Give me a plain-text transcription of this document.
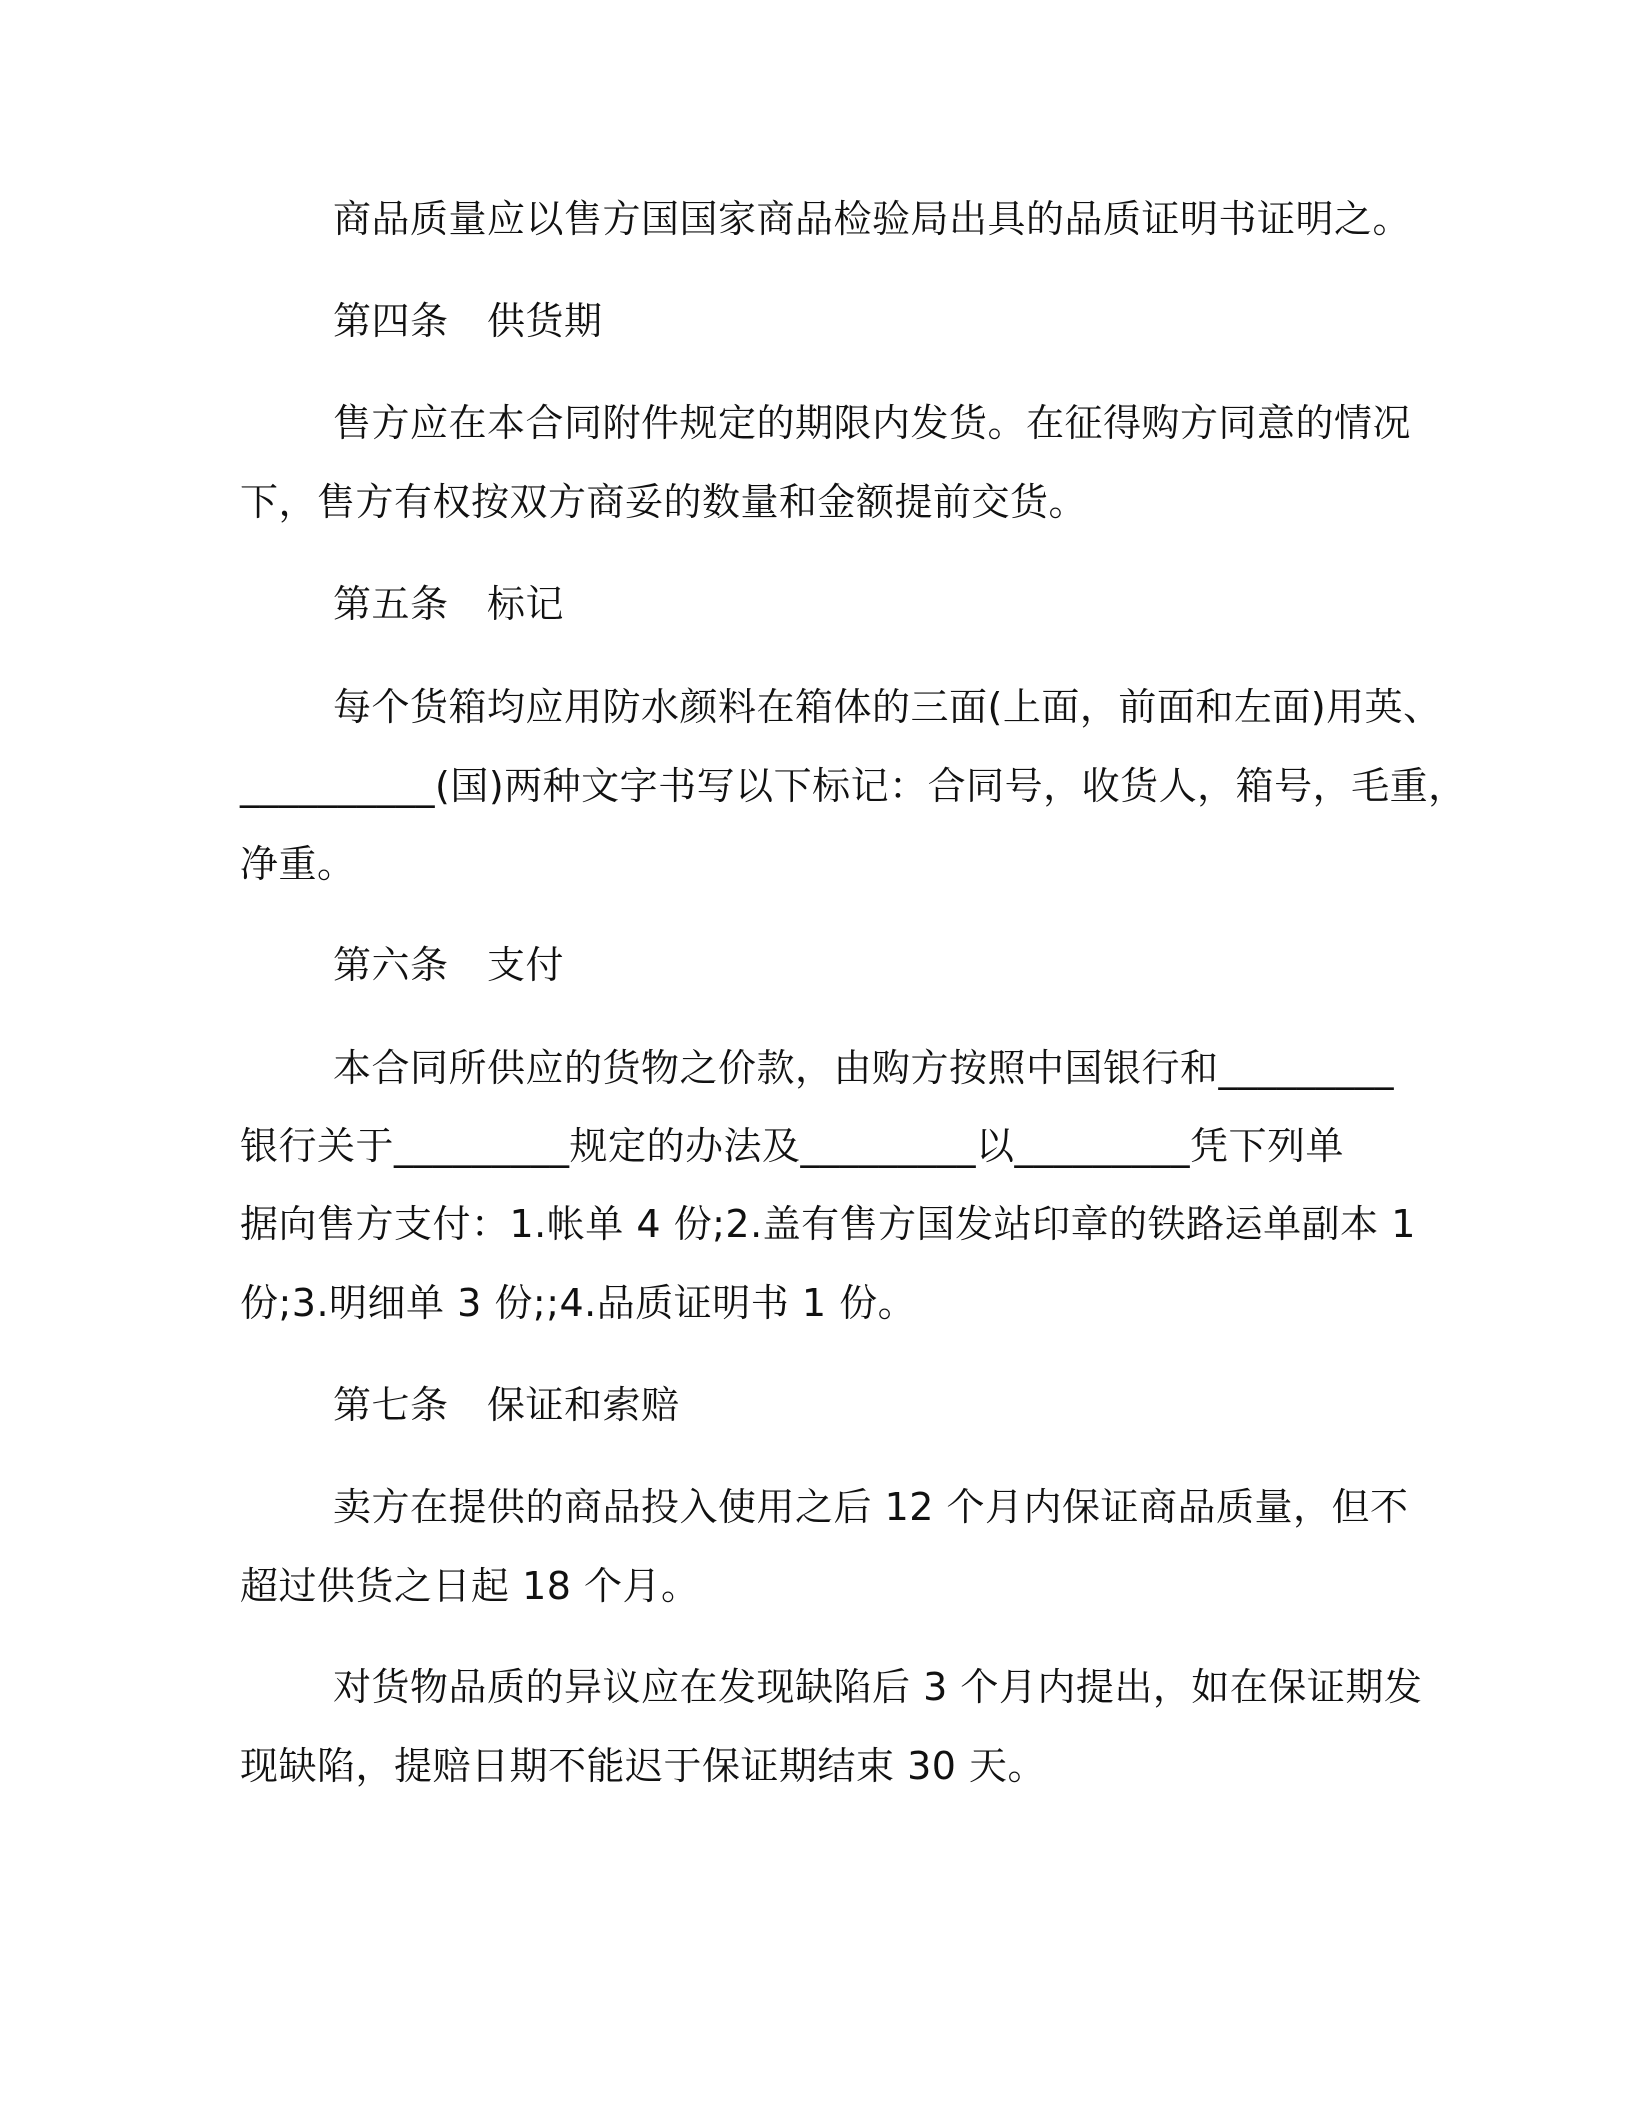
商品质量应以售方国国家商品检验局出具的品质证明书证明之。
第四条　供货期
售方应在本合同附件规定的期限内发货。在征得购方同意的情况
下，售方有权按双方商妥的数量和金额提前交货。
第五条　标记
每个货箱均应用防水颜料在箱体的三面(上面，前面和左面)用英、
__________(国)两种文字书写以下标记：合同号，收货人，箱号，毛重，
净重。
第六条　支付
本合同所供应的货物之价款，由购方按照中国银行和_________
银行关于_________规定的办法及_________以_________凭下列单
据向售方支付：1.帐单 4 份;2.盖有售方国发站印章的铁路运单副本 1
份;3.明细单 3 份;;4.品质证明书 1 份。
第七条　保证和索赔
卖方在提供的商品投入使用之后 12 个月内保证商品质量，但不
超过供货之日起 18 个月。
对货物品质的异议应在发现缺陷后 3 个月内提出，如在保证期发
现缺陷，提赔日期不能迟于保证期结束 30 天。
